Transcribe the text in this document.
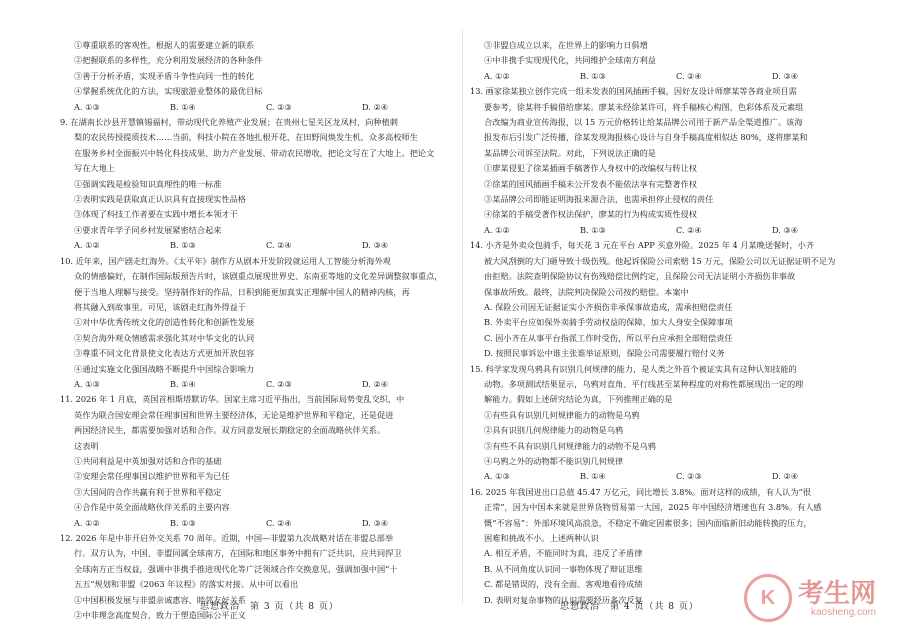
①尊重联系的客观性，根据人的需要建立新的联系
②把握联系的多样性，充分利用发展经济的各种条件
③善于分析矛盾，实现矛盾斗争性向同一性的转化
④掌握系统优化的方法，实现旅游业整体的最优目标
A. ①③	B. ①④	C. ②③	D. ②④
9. 在湖南长沙县开慧镇锡福村，带动现代化养殖产业发展；在贵州七星关区龙凤村，向种植刺
梨的农民传授提质技术……当前，科技小院在各地扎根开花，在田野间焕发生机，众多高校师生
在服务乡村全面振兴中转化科技成果、助力产业发展、带动农民增收，把论文写在了大地上。把论文
写在大地上
①强调实践是检验知识真理性的唯一标准
②表明实践是获取真正认识具有直接现实性品格
③体现了科技工作者要在实践中增长本领才干
④要求青年学子同乡村发展紧密结合起来
A. ①②	B. ①③	C. ②④	D. ③④
10. 近年来，国产剧走红海外。《太平年》制作方从剧本开发阶段就运用人工智能分析海外观
众的情感偏好，在制作国际版预告片时，该剧重点展现世界史、东南亚等地的文化差异调整叙事重点，
便于当地人理解与接受。坚持制作好的作品，日积到能更加真实正理解中国人的精神内核，再
将其融入到故事里。可见，该剧走红海外得益于
①对中华优秀传统文化的创造性转化和创新性发展
②契合海外观众情感需求强化其对中华文化的认同
③尊重不同文化背景使文化表达方式更加开放包容
④通过实施文化强国战略不断提升中国综合影响力
A. ①③	B. ①④	C. ②③	D. ②④
11. 2026 年 1 月底，英国首相斯塔默访华。国家主席习近平指出，当前国际局势变乱交织，中
英作为联合国安理会常任理事国和世界主要经济体，无论是维护世界和平稳定，还是促进
两国经济民生，都需要加强对话和合作。双方同意发展长期稳定的全面战略伙伴关系。
这表明
①共同利益是中英加强对话和合作的基础
②安理会常任理事国以维护世界和平为已任
③大国间的合作共赢有利于世界和平稳定
④合作是中英全面战略伙伴关系的主要内容
A. ①②	B. ①③	C. ②④	D. ③④
12. 2026 年是中非开启外交关系 70 周年。近期，中国—非盟第九次战略对话在非盟总部举
行。双方认为，中国、非盟同属全球南方，在国际和地区事务中拥有广泛共识，应共同捍卫
全球南方正当权益，强调中非携手推进现代化等广泛领域合作交换意见，强调加强中国“十
五五”规划和非盟《2063 年议程》的落实对接。从中可以看出
①中国积极发展与非盟亲诚惠容、睦邻友好关系
②中非理念高度契合，致力于塑造国际公平正义
③非盟自成立以来，在世界上的影响力日俱增
④中非携手实现现代化，共同维护全球南方利益
A. ①②	B. ①③	C. ②④	D. ③④
13. 画家徐某独立创作完成一组未发表的国风插画手稿，因好友设计师廖某等各商业项目需
要参考，徐某将手稿借给廖某。廖某未经徐某许可，将手稿核心构图、色彩体系及元素组
合改编为商业宣传海报，以 15 万元价格转让给某品牌公司用于新产品全渠道推广。该海
报发布后引发广泛传播，徐某发现海报核心设计与自身手稿高度相似达 80%，遂将廖某和
某品牌公司诉至法院。对此，下列说法正确的是
①廖某侵犯了徐某插画手稿著作人身权中的改编权与转让权
②徐某的国风插画手稿未公开发表不能依法享有完整著作权
③某品牌公司即能证明海报来源合法，也需承担停止侵权的责任
④徐某的手稿受著作权法保护，廖某的行为构成实质性侵权
A. ①②	B. ①③	C. ②④	D. ③④
14. 小齐是外卖众包骑手，每天花 3 元在平台 APP 买意外险。2025 年 4 月某晚送餐时，小齐
被大风刮倒的大门砸导致十级伤残。他起诉保险公司索赔 15 万元，保险公司以无证据证明不足为
由拒赔。法院查明保险协议有伤残赔偿比例约定，且保险公司无法证明小齐损伤非事故
保事故所致。最终，法院判决保险公司按约赔偿。本案中
A. 保险公司因无证据证实小齐损伤非承保事故造成，需承担赔偿责任
B. 外卖平台应如保外卖骑手劳动权益的保障，加大人身安全保障事项
C. 因小齐在从事平台指派工作时受伤，所以平台应承担全部赔偿责任
D. 按照民事诉讼中谁主张谁举证原则，保险公司需要履行赔付义务
15. 科学家发现乌鸦具有识别几何规律的能力，是人类之外首个被证实具有这种认知技能的
动物。多项测试结果显示，乌鸦对直角、平行线甚至某种程度的对称性都展现出一定的理
解能力。假如上述研究结论为真，下列推理正确的是
①有些具有识别几何规律能力的动物是乌鸦
②具有识别几何规律能力的动物是乌鸦
③有些不具有识别几何规律能力的动物不是乌鸦
④乌鸦之外的动物都不能识别几何规律
A. ①③	B. ①④	C. ②③	D. ②④
16. 2025 年我国进出口总值 45.47 万亿元，同比增长 3.8%。面对这样的成绩，有人认为“很
正常”，因为中国本来就是世界货物贸易第一大国，2025 年中国经济增速也有 3.8%。有人感
慨“不容易”：外部环境风高浪急，不稳定不确定因素很多；国内面临新旧动能转换的压力，
困难和挑战不小。上述两种认识
A. 相互矛盾，不能同时为真，违反了矛盾律
B. 从不同角度认识同一事物体现了辩证思维
C. 都是错误的，没有全面、客观地看待成绩
D. 表明对复杂事物的认识需要经历多次反复
思想政治　第 3 页（共 8 页）	思想政治　第 4 页（共 8 页）	K 考生网
kaosheng.com
